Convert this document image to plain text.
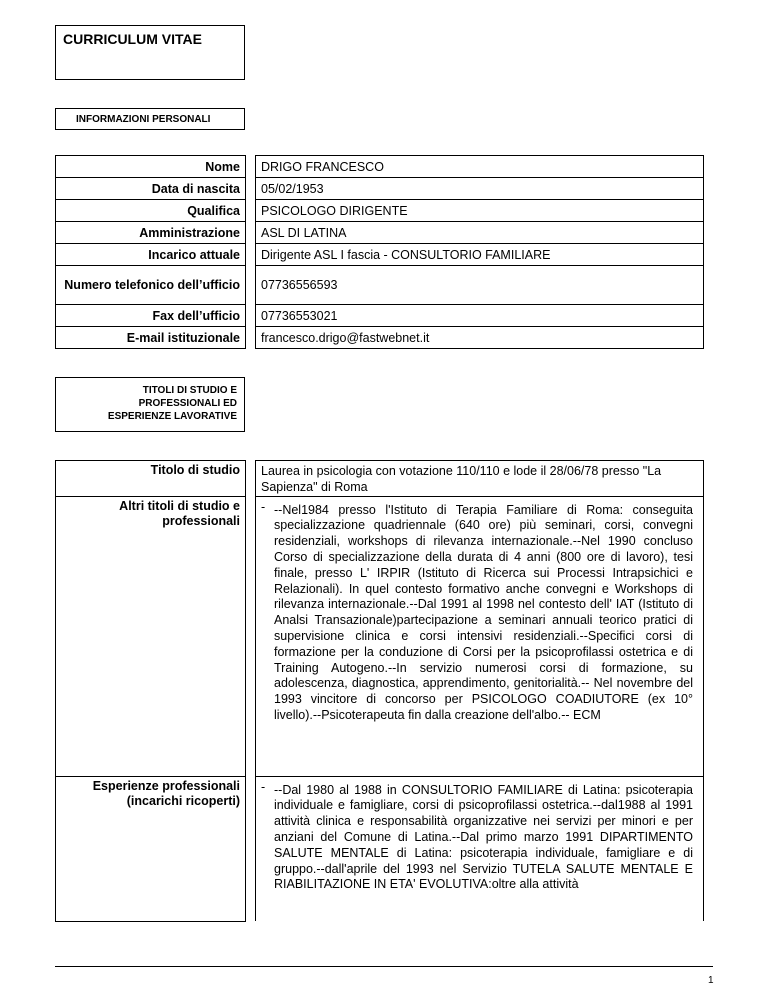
CURRICULUM VITAE
INFORMAZIONI PERSONALI
Nome		DRIGO FRANCESCO
Data di nascita		05/02/1953
Qualifica		PSICOLOGO DIRIGENTE
Amministrazione		ASL DI LATINA
Incarico attuale		Dirigente ASL I fascia - CONSULTORIO FAMILIARE
Numero telefonico dell’ufficio		07736556593
Fax dell’ufficio		07736553021
E-mail istituzionale		francesco.drigo@fastwebnet.it
TITOLI DI STUDIO E PROFESSIONALI ED ESPERIENZE LAVORATIVE
Titolo di studio		Laurea in psicologia con votazione 110/110 e lode il 28/06/78 presso "La Sapienza" di Roma

Altri titoli di studio e professionali		- --Nel1984 presso l'Istituto di Terapia Familiare di Roma: conseguita specializzazione quadriennale (640 ore) più seminari, corsi, convegni residenziali, workshops di rilevanza internazionale.--Nel 1990 concluso Corso di specializzazione della durata di 4 anni (800 ore di lavoro), tesi finale, presso L' IRPIR (Istituto di Ricerca sui Processi Intrapsichici e Relazionali). In quel contesto formativo anche convegni e Workshops di rilevanza internazionale.--Dal 1991 al 1998 nel contesto dell' IAT (Istituto di Analsi Transazionale)partecipazione a seminari annuali teorico pratici di supervisione clinica e corsi intensivi residenziali.--Specifici corsi di formazione per la conduzione di Corsi per la psicoprofilassi ostetrica e di Training Autogeno.--In servizio numerosi corsi di formazione, su adolescenza, diagnostica, apprendimento, genitorialità.-- Nel novembre del 1993 vincitore di concorso per PSICOLOGO COADIUTORE (ex 10° livello).--Psicoterapeuta fin dalla creazione dell'albo.-- ECM

Esperienze professionali (incarichi ricoperti)		- --Dal 1980 al 1988 in CONSULTORIO FAMILIARE di Latina: psicoterapia individuale e famigliare, corsi di psicoprofilassi ostetrica.--dal1988 al 1991 attività clinica e responsabilità organizzative nei servizi per minori e per anziani del Comune di Latina.--Dal primo marzo 1991 DIPARTIMENTO SALUTE MENTALE di Latina: psicoterapia individuale, famigliare e di gruppo.--dall'aprile del 1993 nel Servizio TUTELA SALUTE MENTALE E RIABILITAZIONE IN ETA' EVOLUTIVA:oltre alla attività
1
